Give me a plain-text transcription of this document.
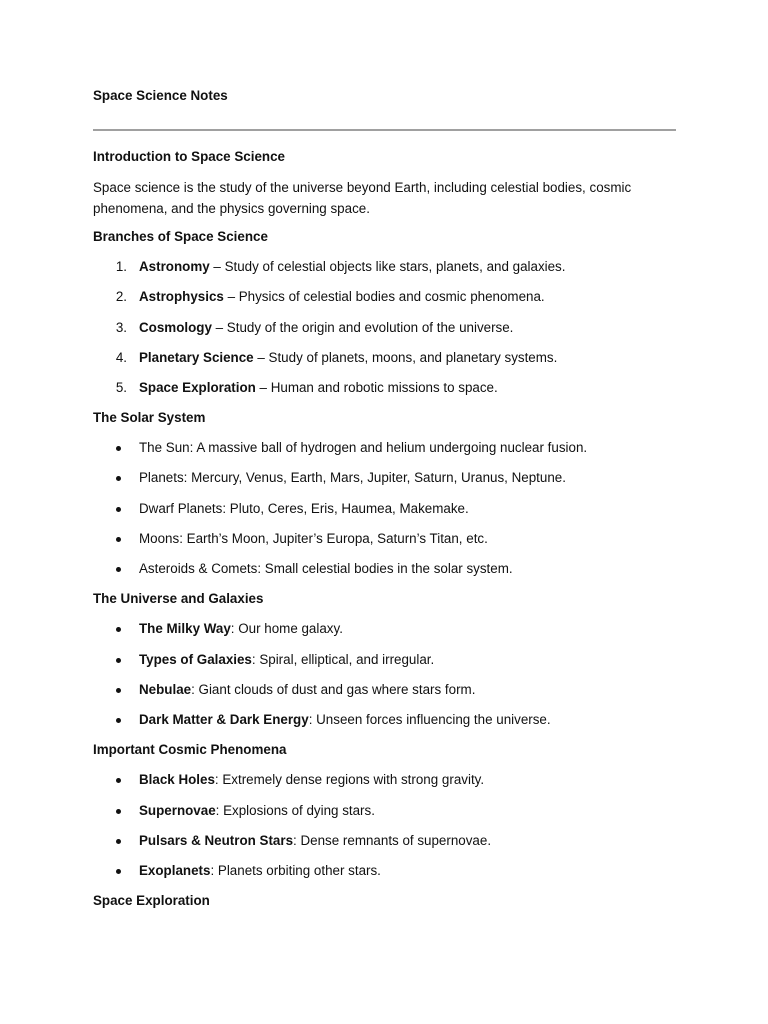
Space Science Notes
Introduction to Space Science
Space science is the study of the universe beyond Earth, including celestial bodies, cosmic phenomena, and the physics governing space.
Branches of Space Science
1. Astronomy – Study of celestial objects like stars, planets, and galaxies.
2. Astrophysics – Physics of celestial bodies and cosmic phenomena.
3. Cosmology – Study of the origin and evolution of the universe.
4. Planetary Science – Study of planets, moons, and planetary systems.
5. Space Exploration – Human and robotic missions to space.
The Solar System
The Sun: A massive ball of hydrogen and helium undergoing nuclear fusion.
Planets: Mercury, Venus, Earth, Mars, Jupiter, Saturn, Uranus, Neptune.
Dwarf Planets: Pluto, Ceres, Eris, Haumea, Makemake.
Moons: Earth’s Moon, Jupiter’s Europa, Saturn’s Titan, etc.
Asteroids & Comets: Small celestial bodies in the solar system.
The Universe and Galaxies
The Milky Way: Our home galaxy.
Types of Galaxies: Spiral, elliptical, and irregular.
Nebulae: Giant clouds of dust and gas where stars form.
Dark Matter & Dark Energy: Unseen forces influencing the universe.
Important Cosmic Phenomena
Black Holes: Extremely dense regions with strong gravity.
Supernovae: Explosions of dying stars.
Pulsars & Neutron Stars: Dense remnants of supernovae.
Exoplanets: Planets orbiting other stars.
Space Exploration
